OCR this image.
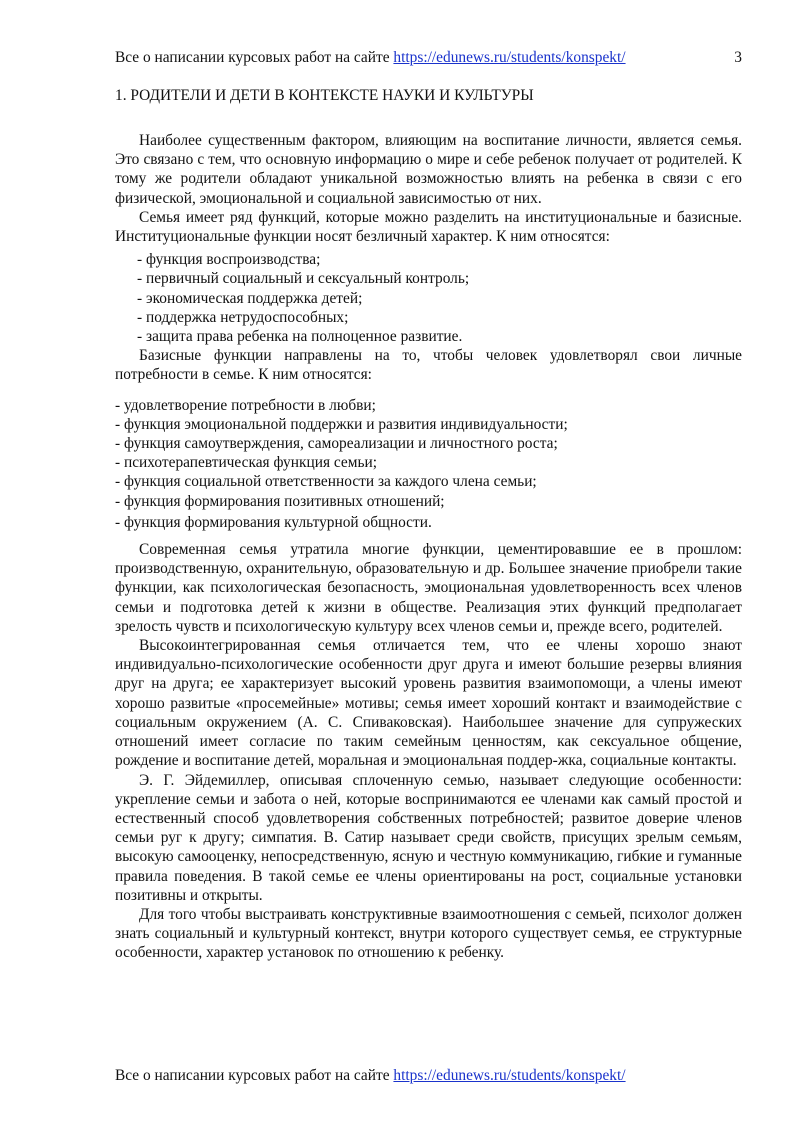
Все о написании курсовых работ на сайте https://edunews.ru/students/konspekt/	3
1. РОДИТЕЛИ И ДЕТИ В КОНТЕКСТЕ НАУКИ И КУЛЬТУРЫ

Наиболее существенным фактором, влияющим на воспитание личности, является семья. Это связано с тем, что основную информацию о мире и себе ребенок получает от родителей. К тому же родители обладают уникальной возможностью влиять на ребенка в связи с его физической, эмоциональной и социальной зависимостью от них.

Семья имеет ряд функций, которые можно разделить на институциональные и базисные. Институциональные функции носят безличный характер. К ним относятся:

- функция воспроизводства;
- первичный социальный и сексуальный контроль;
- экономическая поддержка детей;
- поддержка нетрудоспособных;
- защита права ребенка на полноценное развитие.

Базисные функции направлены на то, чтобы человек удовлетворял свои личные потребности в семье. К ним относятся:

- удовлетворение потребности в любви;
- функция эмоциональной поддержки и развития индивидуальности;
- функция самоутверждения, самореализации и личностного роста;
- психотерапевтическая функция семьи;
- функция социальной ответственности за каждого члена семьи;
- функция формирования позитивных отношений;
- функция формирования культурной общности.

Современная семья утратила многие функции, цементировавшие ее в прошлом: производственную, охранительную, образовательную и др. Большее значение приобрели такие функции, как психологическая безопасность, эмоциональная удовлетворенность всех членов семьи и подготовка детей к жизни в обществе. Реализация этих функций предполагает зрелость чувств и психологическую культуру всех членов семьи и, прежде всего, родителей.

Высокоинтегрированная семья отличается тем, что ее члены хорошо знают индивидуально-психологические особенности друг друга и имеют большие резервы влияния друг на друга; ее характеризует высокий уровень развития взаимопомощи, а члены имеют хорошо развитые «просемейные» мотивы; семья имеет хороший контакт и взаимодействие с социальным окружением (А. С. Спиваковская). Наибольшее значение для супружеских отношений имеет согласие по таким семейным ценностям, как сексуальное общение, рождение и воспитание детей, моральная и эмоциональная поддер-жка, социальные контакты.

Э. Г. Эйдемиллер, описывая сплоченную семью, называет следующие особенности: укрепление семьи и забота о ней, которые воспринимаются ее членами как самый простой и естественный способ удовлетворения собственных потребностей; развитое доверие членов семьи руг к другу; симпатия. В. Сатир называет среди свойств, присущих зрелым семьям, высокую самооценку, непосредственную, ясную и честную коммуникацию, гибкие и гуманные правила поведения. В такой семье ее члены ориентированы на рост, социальные установки позитивны и открыты.

Для того чтобы выстраивать конструктивные взаимоотношения с семьей, психолог должен знать социальный и культурный контекст, внутри которого существует семья, ее структурные особенности, характер установок по отношению к ребенку.

Все о написании курсовых работ на сайте https://edunews.ru/students/konspekt/
